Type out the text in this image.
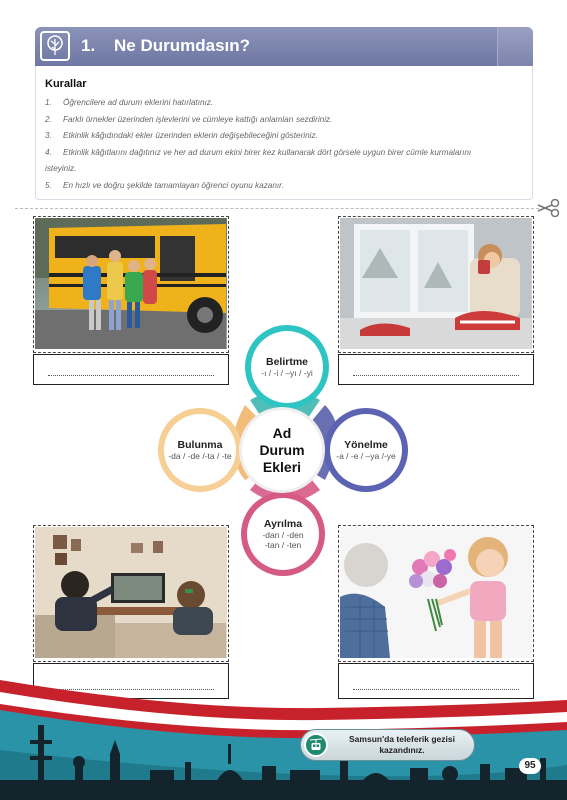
1. Ne Durumdasın?
Kurallar
1.	Öğrencilere ad durum eklerini hatırlatınız.
2.	Farklı örnekler üzerinden işlevlerini ve cümleye kattığı anlamları sezdiriniz.
3.	Etkinlik kâğıdındaki ekler üzerinden eklerin değişebileceğini gösteriniz.
4.	Etkinlik kâğıtlarını dağıtınız ve her ad durum ekini birer kez kullanarak dört görsele uygun birer cümle kurmalarını
isteyiniz.
5.	En hızlı ve doğru şekilde tamamlayan öğrenci oyunu kazanır.
Belirtme
-ı / -i / –yı / -yi
Bulunma
-da / -de /-ta / -te
Yönelme
-a / -e / –ya /-ye
Ayrılma
-dan / -den
-tan / -ten
Ad
Durum
Ekleri
Samsun'da teleferik gezisi
kazandınız.
95
